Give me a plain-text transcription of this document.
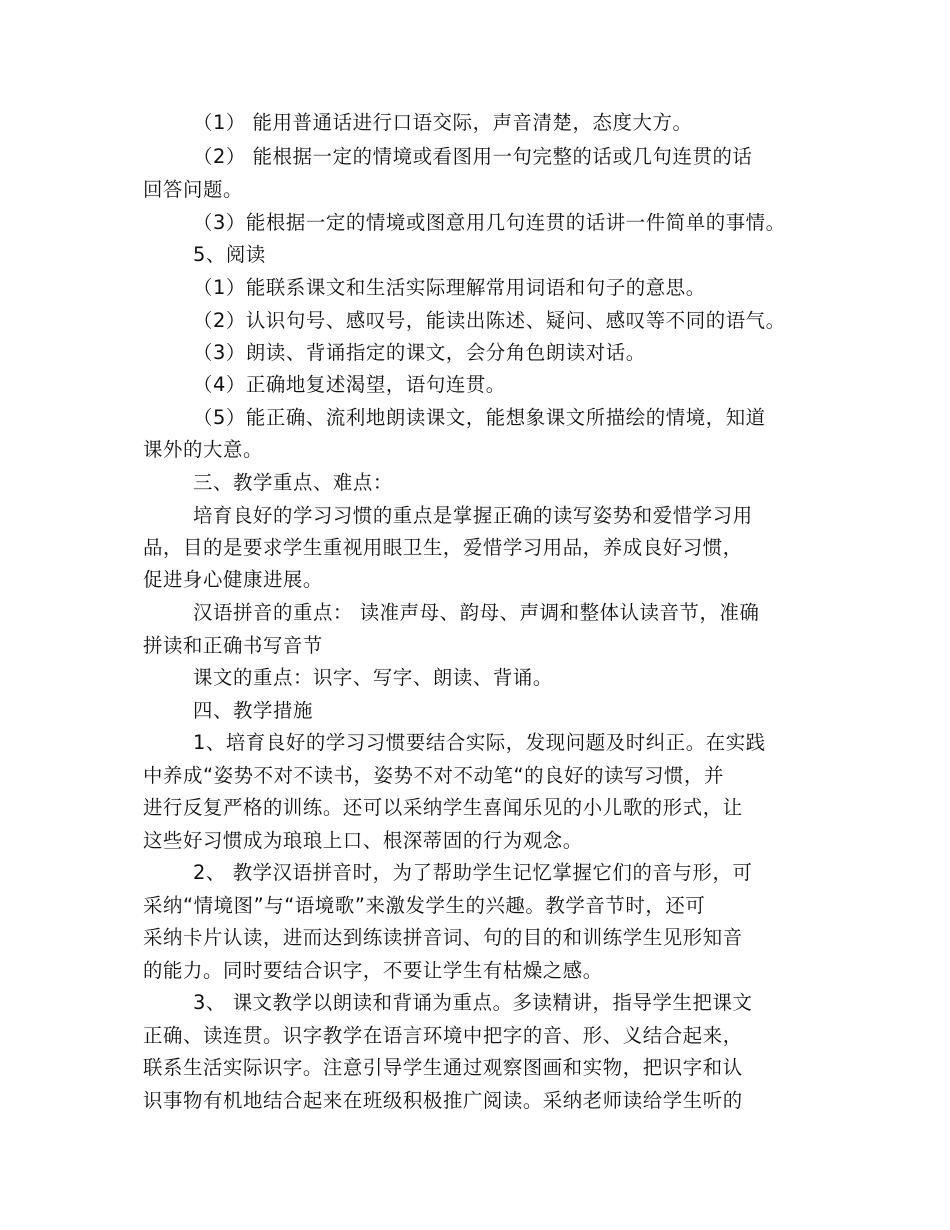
（1） 能用普通话进行口语交际，声音清楚，态度大方。
（2） 能根据一定的情境或看图用一句完整的话或几句连贯的话
回答问题。
（3）能根据一定的情境或图意用几句连贯的话讲一件简单的事情。
5、阅读
（1）能联系课文和生活实际理解常用词语和句子的意思。
（2）认识句号、感叹号，能读出陈述、疑问、感叹等不同的语气。
（3）朗读、背诵指定的课文，会分角色朗读对话。
（4）正确地复述渴望，语句连贯。
（5）能正确、流利地朗读课文，能想象课文所描绘的情境，知道
课外的大意。
三、教学重点、难点：
培育良好的学习习惯的重点是掌握正确的读写姿势和爱惜学习用
品，目的是要求学生重视用眼卫生，爱惜学习用品，养成良好习惯，
促进身心健康进展。
汉语拼音的重点： 读准声母、韵母、声调和整体认读音节，准确
拼读和正确书写音节
课文的重点：识字、写字、朗读、背诵。
四、教学措施
1、培育良好的学习习惯要结合实际，发现问题及时纠正。在实践
中养成“姿势不对不读书，姿势不对不动笔“的良好的读写习惯，并
进行反复严格的训练。还可以采纳学生喜闻乐见的小儿歌的形式，让
这些好习惯成为琅琅上口、根深蒂固的行为观念。
2、 教学汉语拼音时，为了帮助学生记忆掌握它们的音与形，可
采纳“情境图”与“语境歌”来激发学生的兴趣。教学音节时，还可
采纳卡片认读，进而达到练读拼音词、句的目的和训练学生见形知音
的能力。同时要结合识字，不要让学生有枯燥之感。
3、 课文教学以朗读和背诵为重点。多读精讲，指导学生把课文
正确、读连贯。识字教学在语言环境中把字的音、形、义结合起来，
联系生活实际识字。注意引导学生通过观察图画和实物，把识字和认
识事物有机地结合起来在班级积极推广阅读。采纳老师读给学生听的
